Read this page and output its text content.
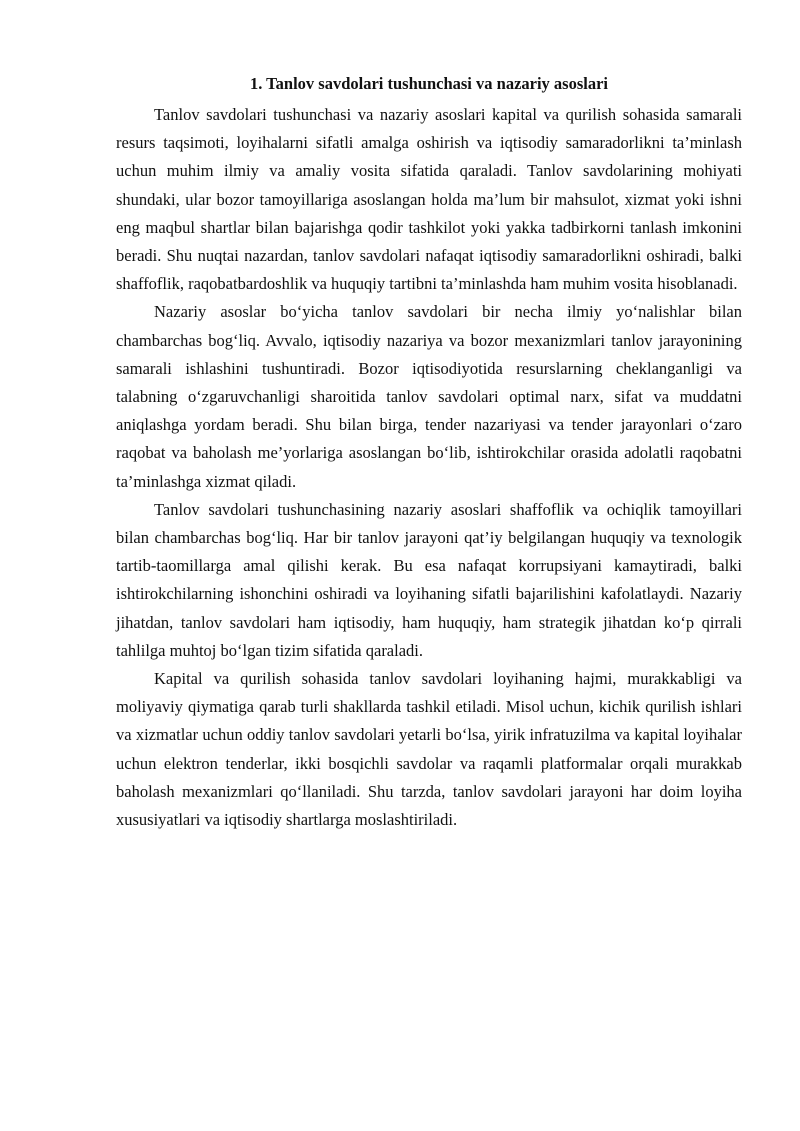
1. Tanlov savdolari tushunchasi va nazariy asoslari

Tanlov savdolari tushunchasi va nazariy asoslari kapital va qurilish sohasida samarali resurs taqsimoti, loyihalarni sifatli amalga oshirish va iqtisodiy samaradorlikni ta’minlash uchun muhim ilmiy va amaliy vosita sifatida qaraladi. Tanlov savdolarining mohiyati shundaki, ular bozor tamoyillariga asoslangan holda ma’lum bir mahsulot, xizmat yoki ishni eng maqbul shartlar bilan bajarishga qodir tashkilot yoki yakka tadbirkorni tanlash imkonini beradi. Shu nuqtai nazardan, tanlov savdolari nafaqat iqtisodiy samaradorlikni oshiradi, balki shaffoflik, raqobatbardoshlik va huquqiy tartibni ta’minlashda ham muhim vosita hisoblanadi.

Nazariy asoslar bo‘yicha tanlov savdolari bir necha ilmiy yo‘nalishlar bilan chambarchas bog‘liq. Avvalo, iqtisodiy nazariya va bozor mexanizmlari tanlov jarayonining samarali ishlashini tushuntiradi. Bozor iqtisodiyotida resurslarning cheklanganligi va talabning o‘zgaruvchanligi sharoitida tanlov savdolari optimal narx, sifat va muddatni aniqlashga yordam beradi. Shu bilan birga, tender nazariyasi va tender jarayonlari o‘zaro raqobat va baholash me’yorlariga asoslangan bo‘lib, ishtirokchilar orasida adolatli raqobatni ta’minlashga xizmat qiladi.

Tanlov savdolari tushunchasining nazariy asoslari shaffoflik va ochiqlik tamoyillari bilan chambarchas bog‘liq. Har bir tanlov jarayoni qat’iy belgilangan huquqiy va texnologik tartib-taomillarga amal qilishi kerak. Bu esa nafaqat korrupsiyani kamaytiradi, balki ishtirokchilarning ishonchini oshiradi va loyihaning sifatli bajarilishini kafolatlaydi. Nazariy jihatdan, tanlov savdolari ham iqtisodiy, ham huquqiy, ham strategik jihatdan ko‘p qirrali tahlilga muhtoj bo‘lgan tizim sifatida qaraladi.

Kapital va qurilish sohasida tanlov savdolari loyihaning hajmi, murakkabligi va moliyaviy qiymatiga qarab turli shakllarda tashkil etiladi. Misol uchun, kichik qurilish ishlari va xizmatlar uchun oddiy tanlov savdolari yetarli bo‘lsa, yirik infratuzilma va kapital loyihalar uchun elektron tenderlar, ikki bosqichli savdolar va raqamli platformalar orqali murakkab baholash mexanizmlari qo‘llaniladi. Shu tarzda, tanlov savdolari jarayoni har doim loyiha xususiyatlari va iqtisodiy shartlarga moslashtiriladi.
